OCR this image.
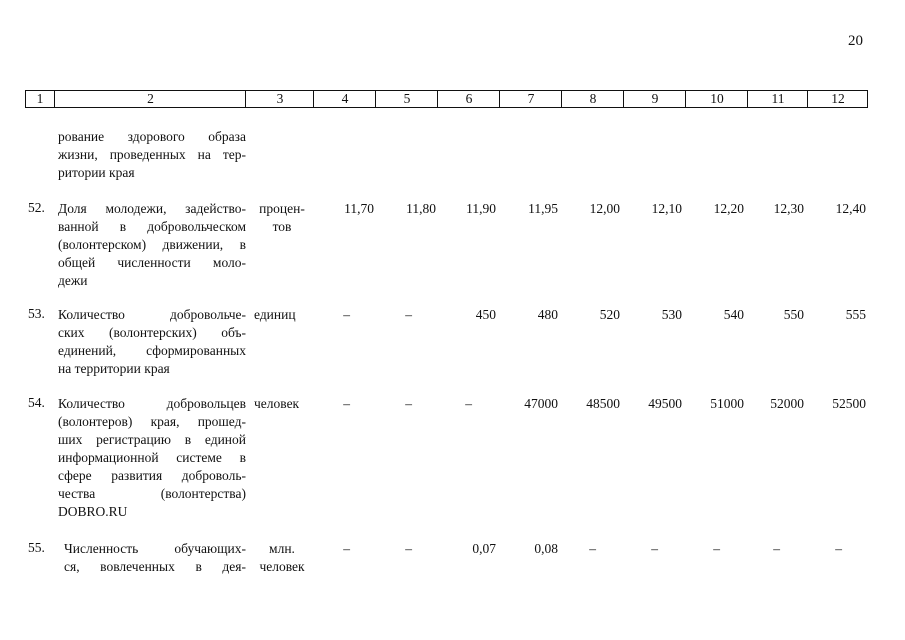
20
1	2	3	4	5	6	7	8	9	10	11	12
рование здорового образа
жизни, проведенных на тер-
ритории края
52. Доля молодежи, задейство-
ванной в добровольческом
(волонтерском) движении, в
общей численности моло-
дежи
процен-
тов
11,70	11,80	11,90	11,95	12,00	12,10	12,20	12,30	12,40
53. Количество добровольче-
ских (волонтерских) объ-
единений, сформированных
на территории края
единиц	–	–	450	480	520	530	540	550	555
54. Количество добровольцев
(волонтеров) края, прошед-
ших регистрацию в единой
информационной системе в
сфере развития доброволь-
чества (волонтерства)
DOBRO.RU
человек	–	–	–	47000	48500	49500	51000	52000	52500
55.	Численность обучающих-
ся, вовлеченных в дея-
млн.
человек
–	–	0,07	0,08	–	–	–	–	–
